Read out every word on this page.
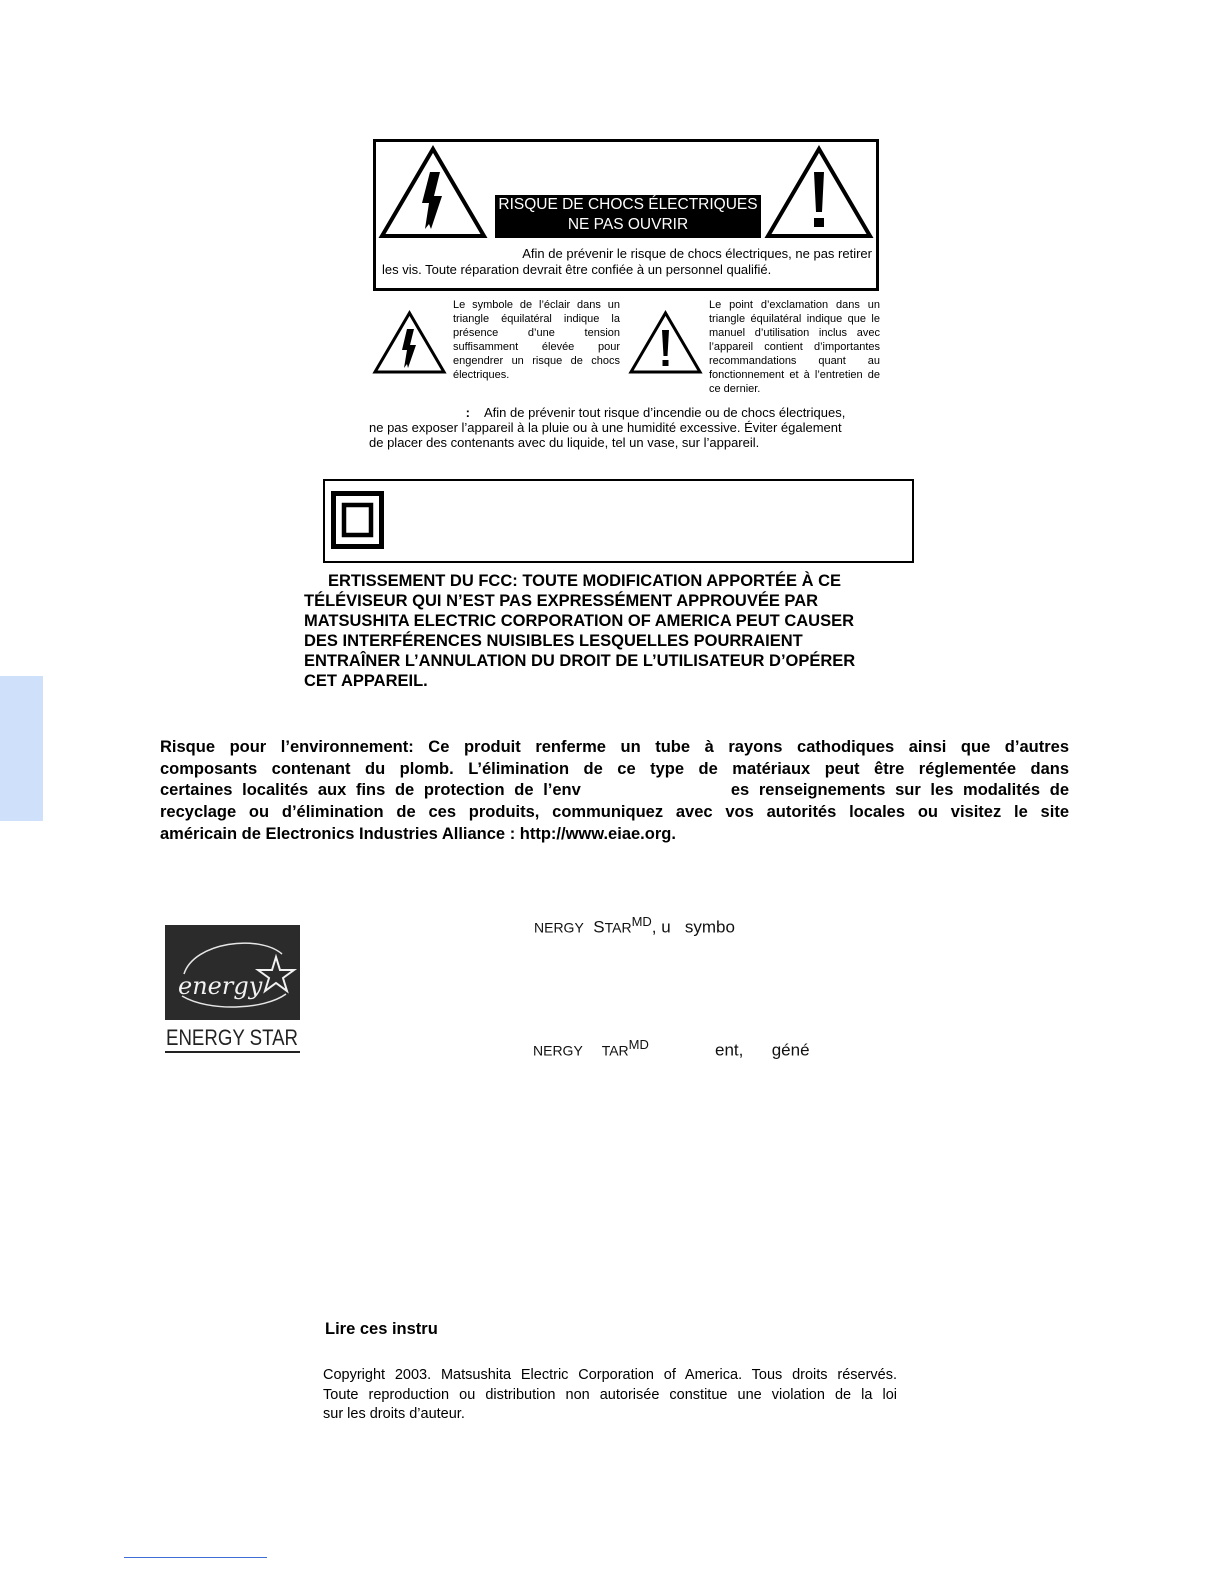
RISQUE DE CHOCS ÉLECTRIQUES
NE PAS OUVRIR
Afin de prévenir le risque de chocs électriques, ne pas retirer
les vis. Toute réparation devrait être confiée à un personnel qualifié.
Le symbole de l’éclair dans un triangle équilatéral indique la présence d’une tension suffisamment élevée pour engendrer un risque de chocs électriques.
Le point d’exclamation dans un triangle équilatéral indique que le manuel d’utilisation inclus avec l’appareil contient d’importantes recommandations quant au fonctionnement et à l’entretien de ce dernier.
: Afin de prévenir tout risque d’incendie ou de chocs électriques,
ne pas exposer l’appareil à la pluie ou à une humidité excessive. Éviter également
de placer des contenants avec du liquide, tel un vase, sur l’appareil.
ERTISSEMENT DU FCC: TOUTE MODIFICATION APPORTÉE À CE
TÉLÉVISEUR QUI N’EST PAS EXPRESSÉMENT APPROUVÉE PAR
MATSUSHITA ELECTRIC CORPORATION OF AMERICA PEUT CAUSER
DES INTERFÉRENCES NUISIBLES LESQUELLES POURRAIENT
ENTRAÎNER L’ANNULATION DU DROIT DE L’UTILISATEUR D’OPÉRER
CET APPAREIL.
Risque pour l’environnement: Ce produit renferme un tube à rayons cathodiques ainsi que d’autres
composants contenant du plomb. L’élimination de ce type de matériaux peut être réglementée dans
certaines localités aux fins de protection de l’env	es renseignements sur les modalités de
recyclage ou d’élimination de ces produits, communiquez avec vos autorités locales ou visitez le site
américain de Electronics Industries Alliance : http://www.eiae.org.
energy
ENERGY STAR
NERGY $STAR^{MD}$, u symbo
NERGY $TAR^{MD}$	ent, géné
Lire ces instru
Copyright 2003. Matsushita Electric Corporation of America. Tous droits réservés.
Toute reproduction ou distribution non autorisée constitue une violation de la loi
sur les droits d’auteur.
